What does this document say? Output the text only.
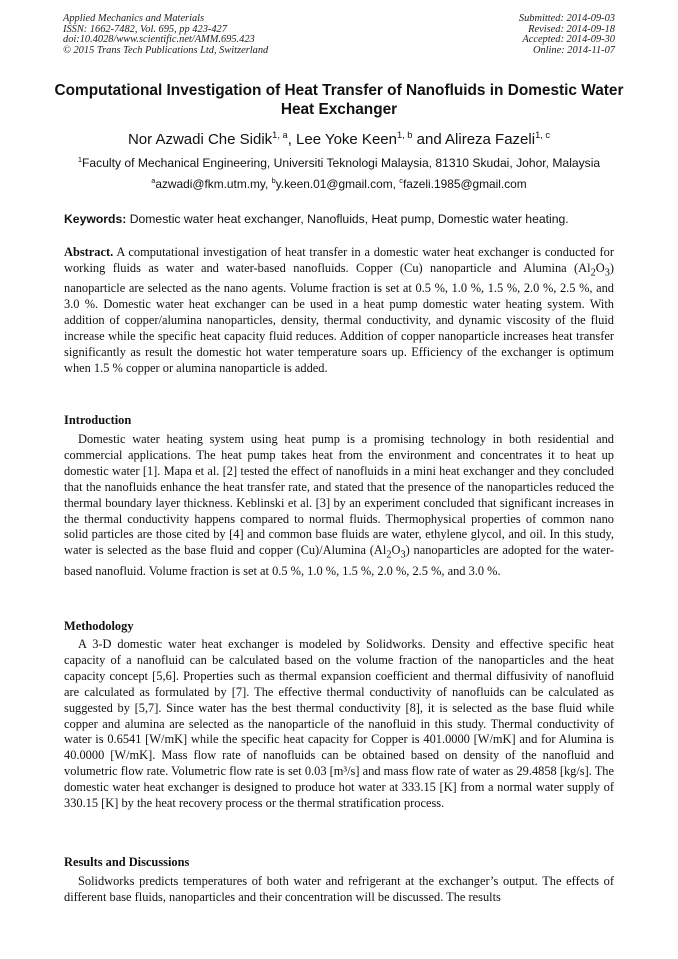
Applied Mechanics and Materials
ISSN: 1662-7482, Vol. 695, pp 423-427
doi:10.4028/www.scientific.net/AMM.695.423
© 2015 Trans Tech Publications Ltd, Switzerland
Submitted: 2014-09-03
Revised: 2014-09-18
Accepted: 2014-09-30
Online: 2014-11-07
Computational Investigation of Heat Transfer of Nanofluids in Domestic Water Heat Exchanger
Nor Azwadi Che Sidik$^{1, a}$, Lee Yoke Keen$^{1, b}$ and Alireza Fazeli$^{1, c}$
$^1$Faculty of Mechanical Engineering, Universiti Teknologi Malaysia, 81310 Skudai, Johor, Malaysia
$^a$azwadi@fkm.utm.my, $^b$y.keen.01@gmail.com, $^c$fazeli.1985@gmail.com
Keywords: Domestic water heat exchanger, Nanofluids, Heat pump, Domestic water heating.
Abstract. A computational investigation of heat transfer in a domestic water heat exchanger is conducted for working fluids as water and water-based nanofluids. Copper (Cu) nanoparticle and Alumina $(Al_2O_3)$ nanoparticle are selected as the nano agents. Volume fraction is set at 0.5 %, 1.0 %, 1.5 %, 2.0 %, 2.5 %, and 3.0 %. Domestic water heat exchanger can be used in a heat pump domestic water heating system. With addition of copper/alumina nanoparticles, density, thermal conductivity, and dynamic viscosity of the fluid increase while the specific heat capacity fluid reduces. Addition of copper nanoparticle increases heat transfer significantly as result the domestic hot water temperature soars up. Efficiency of the exchanger is optimum when 1.5 % copper or alumina nanoparticle is added.
Introduction

Domestic water heating system using heat pump is a promising technology in both residential and commercial applications. The heat pump takes heat from the environment and concentrates it to heat up domestic water [1]. Mapa et al. [2] tested the effect of nanofluids in a mini heat exchanger and they concluded that the nanofluids enhance the heat transfer rate, and stated that the presence of the nanoparticles reduced the thermal boundary layer thickness. Keblinski et al. [3] by an experiment concluded that significant increases in the thermal conductivity happens compared to normal fluids. Thermophysical properties of common nano solid particles are those cited by [4] and common base fluids are water, ethylene glycol, and oil. In this study, water is selected as the base fluid and copper (Cu)/Alumina $(Al_2O_3)$ nanoparticles are adopted for the water-based nanofluid. Volume fraction is set at 0.5 %, 1.0 %, 1.5 %, 2.0 %, 2.5 %, and 3.0 %.

Methodology

A 3-D domestic water heat exchanger is modeled by Solidworks. Density and effective specific heat capacity of a nanofluid can be calculated based on the volume fraction of the nanoparticles and the heat capacity concept [5,6]. Properties such as thermal expansion coefficient and thermal diffusivity of nanofluid are calculated as formulated by [7]. The effective thermal conductivity of nanofluids can be calculated as suggested by [5,7]. Since water has the best thermal conductivity [8], it is selected as the base fluid while copper and alumina are selected as the nanoparticle of the nanofluid in this study. Thermal conductivity of water is 0.6541 [W/mK] while the specific heat capacity for Copper is 401.0000 [W/mK] and for Alumina is 40.0000 [W/mK]. Mass flow rate of nanofluids can be obtained based on density of the nanofluid and volumetric flow rate. Volumetric flow rate is set 0.03 [m³/s] and mass flow rate of water as 29.4858 [kg/s]. The domestic water heat exchanger is designed to produce hot water at 333.15 [K] from a normal water supply of 330.15 [K] by the heat recovery process or the thermal stratification process.

Results and Discussions

Solidworks predicts temperatures of both water and refrigerant at the exchanger’s output. The effects of different base fluids, nanoparticles and their concentration will be discussed. The results
